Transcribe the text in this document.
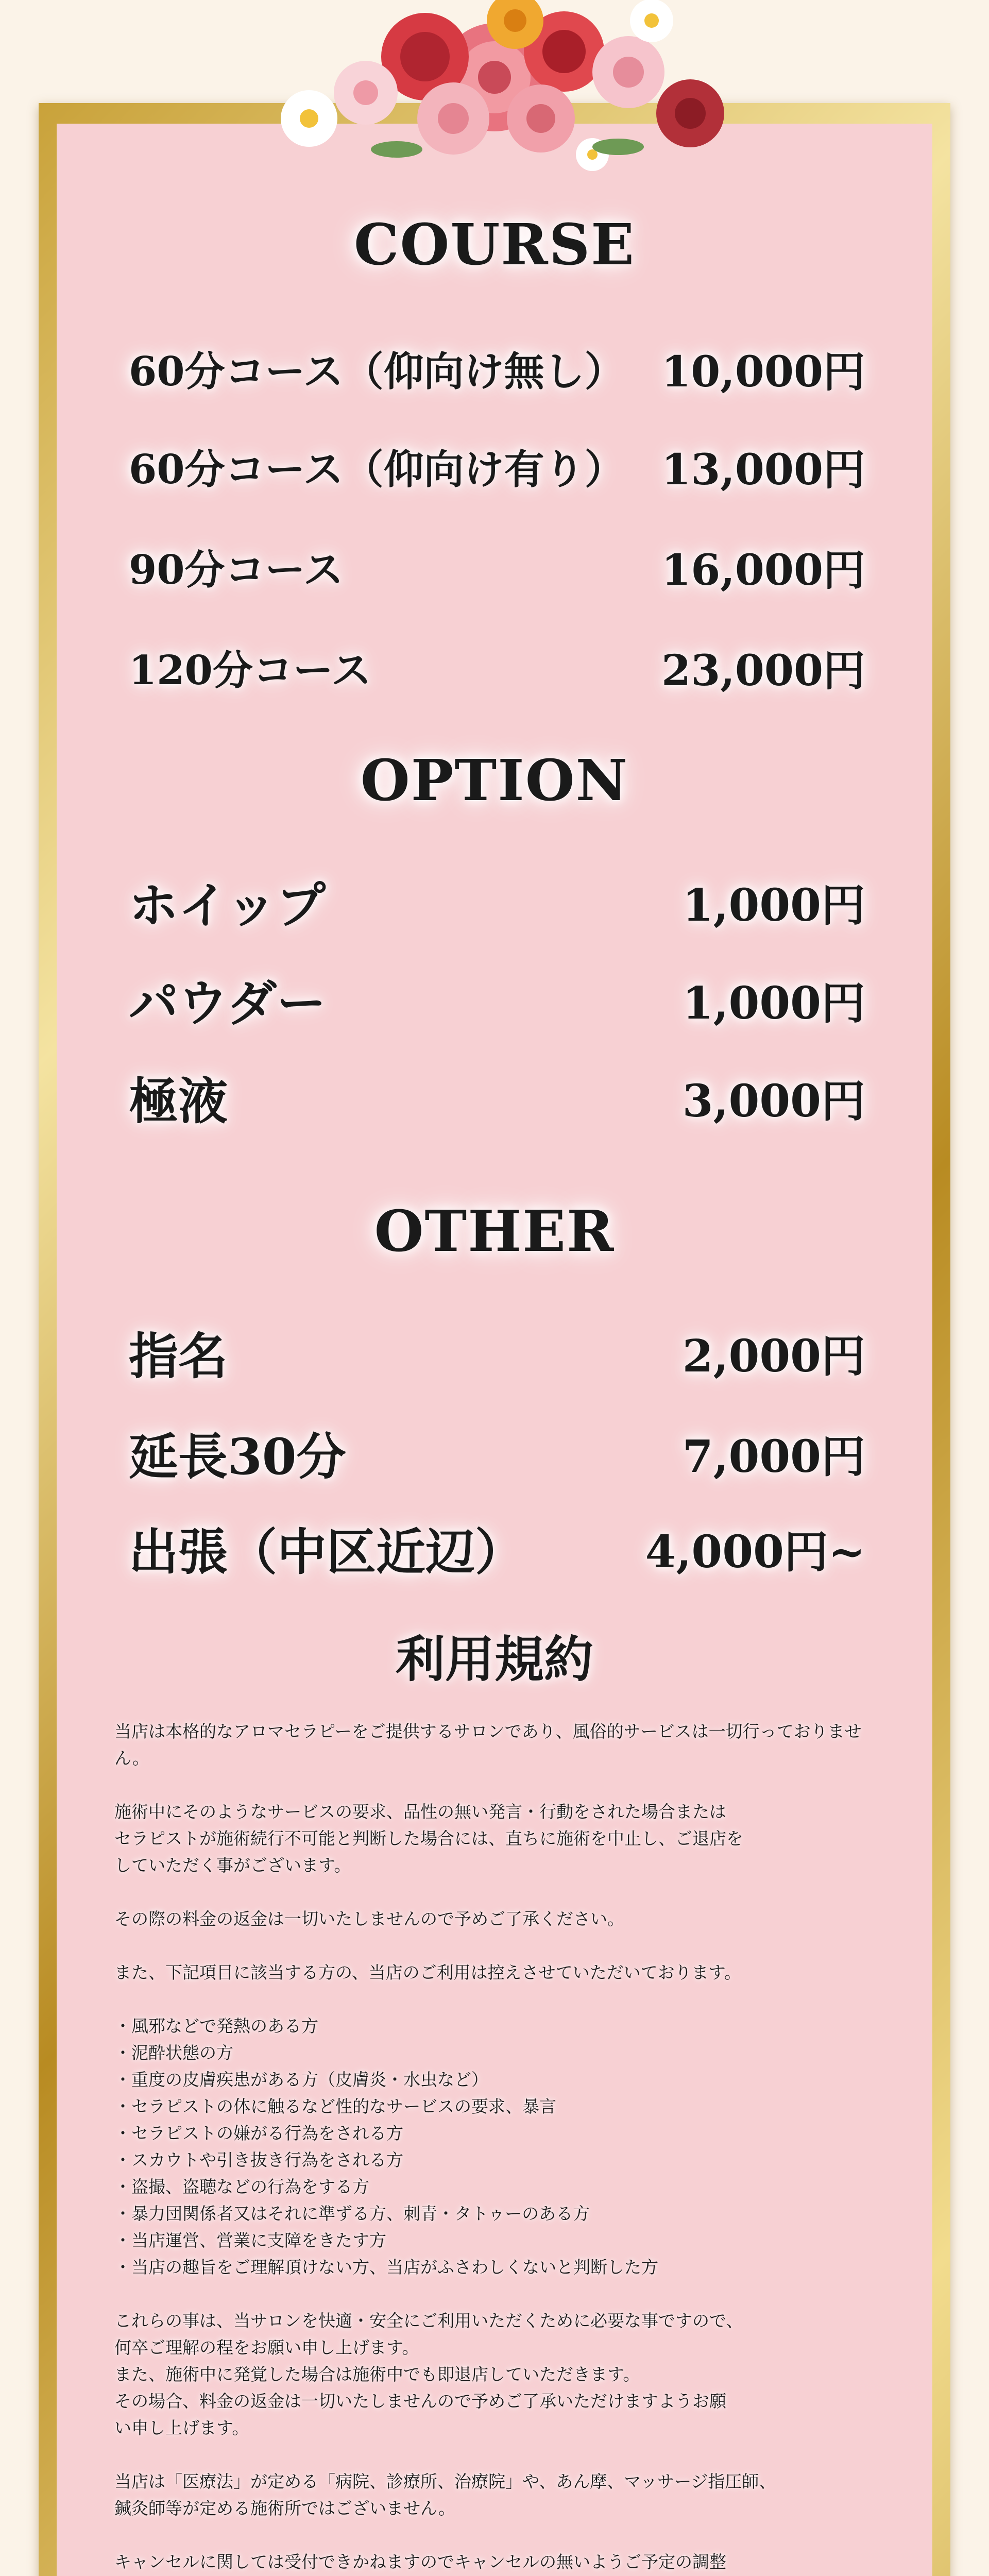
COURSE
60分コース（仰向け無し） 10,000円
60分コース（仰向け有り） 13,000円
90分コース	16,000円
120分コース	23,000円
OPTION
ホイップ	1,000円
パウダー	1,000円
極液	3,000円
OTHER
指名	2,000円
延長30分	7,000円
出張（中区近辺）	4,000円~
利用規約

当店は本格的なアロマセラピーをご提供するサロンであり、風俗的サービスは一切行っておりません。

施術中にそのようなサービスの要求、品性の無い発言・行動をされた場合または
セラピストが施術続行不可能と判断した場合には、直ちに施術を中止し、ご退店を
していただく事がございます。

その際の料金の返金は一切いたしませんので予めご了承ください。

また、下記項目に該当する方の、当店のご利用は控えさせていただいております。

・風邪などで発熱のある方
・泥酔状態の方
・重度の皮膚疾患がある方（皮膚炎・水虫など）
・セラピストの体に触るなど性的なサービスの要求、暴言
・セラピストの嫌がる行為をされる方
・スカウトや引き抜き行為をされる方
・盗撮、盗聴などの行為をする方
・暴力団関係者又はそれに準ずる方、刺青・タトゥーのある方
・当店運営、営業に支障をきたす方
・当店の趣旨をご理解頂けない方、当店がふさわしくないと判断した方

これらの事は、当サロンを快適・安全にご利用いただくために必要な事ですので、
何卒ご理解の程をお願い申し上げます。
また、施術中に発覚した場合は施術中でも即退店していただきます。
その場合、料金の返金は一切いたしませんので予めご了承いただけますようお願
い申し上げます。

当店は「医療法」が定める「病院、診療所、治療院」や、あん摩、マッサージ指圧師、
鍼灸師等が定める施術所ではございません。

キャンセルに関しては受付できかねますのでキャンセルの無いようご予定の調整
